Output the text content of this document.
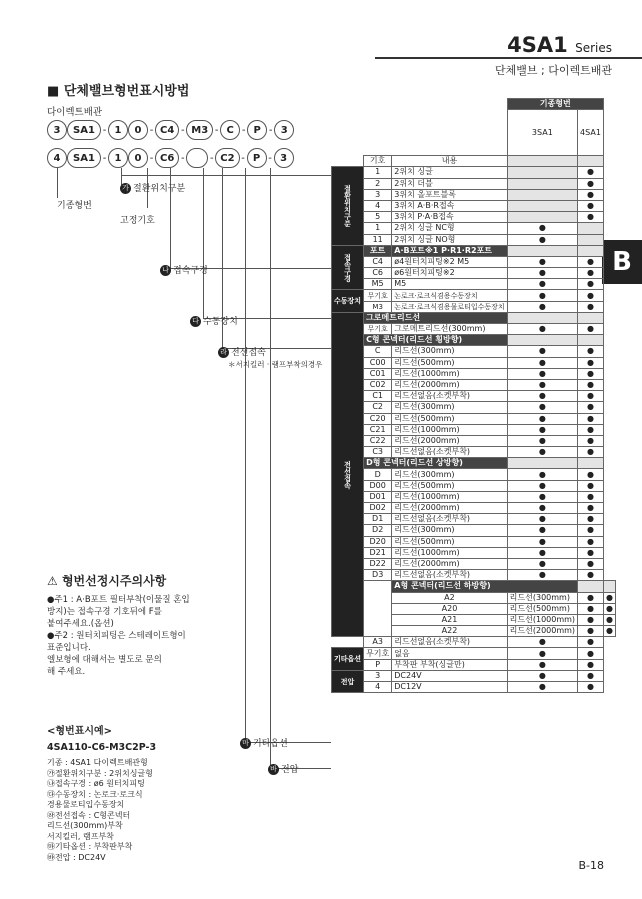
4SA1 Series
단체밸브 ; 다이렉트배관
B
■ 단체밸브형번표시방법
다이렉트배관
3	SA1 - 1	0 - C4 - M3 - C - P - 3
4	SA1 - 1	0 - C6 -	- C2 - P - 3
기종형번
가 절환위치구분
고정기호
나 접속구경
다 수동장치
라 전선접속
＊서지킬러 · 램프부착의경우
마 기타옵션
바 전압
			기종형번		
			3SA1	4SA1	
	기호	내용			
절환위치구분	1	2위치 싱글		●	
	2	2위치 더블		●	
	3	3위치 올포트블록		●	
	4	3위치 A·B·R접속		●	
	5	3위치 P·A·B접속		●	
	1	2위치 싱글 NC형	●		
	11	2위치 싱글 NO형	●		
접속구경	포트	A·B포트※1 P·R1·R2포트			
	C4	ø4원터치피팅※2 M5	●	●	
	C6	ø6원터치피팅※2	●	●	
	M5	M5	●	●	
수동장치	무기호	논로크·로크식겸용수동장치	●	●	
	M3	논로크·로크식겸용물로티입수동장치	●	●	
전선접속	그로메트리드선				
	무기호	그로메트리드선(300mm)	●	●	
	C형 콘넥터(리드선 횡방향)				
	C	리드선(300mm)	●	●	
	C00	리드선(500mm)	●	●	
	C01	리드선(1000mm)	●	●	
	C02	리드선(2000mm)	●	●	
	C1	리드선없음(소켓부착)	●	●	
	C2	리드선(300mm)	●	●	
	C20	리드선(500mm)	●	●	
	C21	리드선(1000mm)	●	●	
	C22	리드선(2000mm)	●	●	
	C3	리드선없음(소켓부착)	●	●	
	D형 콘넥터(리드선 상방향)				
	D	리드선(300mm)	●	●	
	D00	리드선(500mm)	●	●	
	D01	리드선(1000mm)	●	●	
	D02	리드선(2000mm)	●	●	
	D1	리드선없음(소켓부착)	●	●	
	D2	리드선(300mm)	●	●	
	D20	리드선(500mm)	●	●	
	D21	리드선(1000mm)	●	●	
	D22	리드선(2000mm)	●	●	
	D3	리드선없음(소켓부착)	●	●	
		A형 콘넥터(리드선 하방향)			
		A2	리드선(300mm)	●	●
		A20	리드선(500mm)	●	●
		A21	리드선(1000mm)	●	●
		A22	리드선(2000mm)	●	●
	A3	리드선없음(소켓부착)	●	●	
기타옵션	무기호	없음	●	●	
	P	부착판 부착(싱글만)	●	●	
전압	3	DC24V	●	●	
	4	DC12V	●	●	
⚠ 형번선정시주의사항
●주1 : A·B포트 필터부착(이물질 혼입
방지)는 접속구경 기호뒤에 F를
붙여주세요.(옵션)
●주2 : 원터치피팅은 스테레이트형이
표준입니다.
엘보형에 대해서는 별도로 문의
해 주세요.
<형번표시예>
4SA110-C6-M3C2P-3
기종 : 4SA1 다이렉트배관형
㉮절환위치구분 : 2위치싱글형
㉯접속구경 : ø6 원터치피팅
㉰수동장치 : 논로크·로크식
경용물로티입수동장치
㉱전선접속 : C형콘넥터
리드선(300mm)부착
서지킬러, 램프부착
㉲기타옵션 : 부착판부착
㉳전압 : DC24V
B-18
